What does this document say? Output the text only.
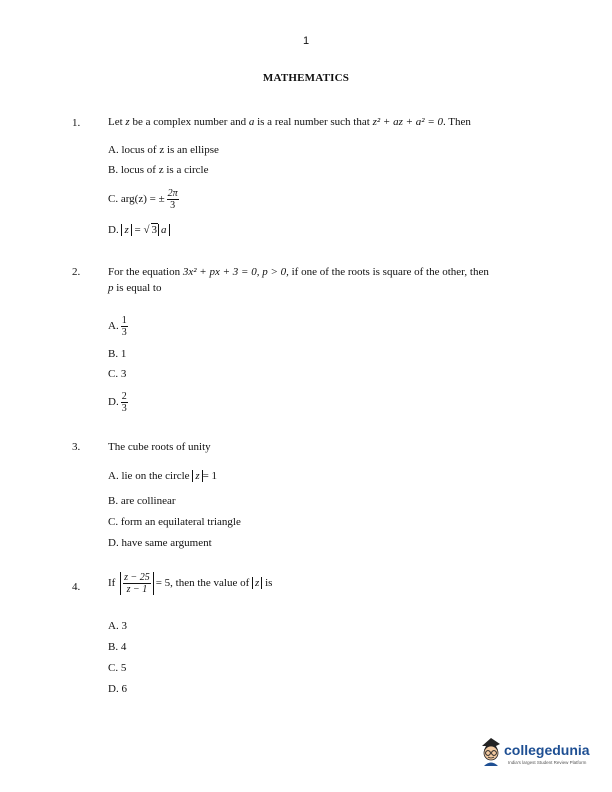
1
MATHEMATICS
1.	Let z be a complex number and a is a real number such that z² + az + a² = 0. Then
A. locus of z is an ellipse
B. locus of z is a circle
C. arg(z) = ± $\frac{2\pi}{3}$
D. z = √ 3 a
2.	For the equation 3x² + px + 3 = 0, p > 0, if one of the roots is square of the other, then
p is equal to
A. $\frac{1}{3}$
B. 1
C. 3
D. $\frac{2}{3}$
3.	The cube roots of unity
A. lie on the circle z = 1
B. are collinear
C. form an equilateral triangle
D. have same argument
4.	If $\frac{z - 25}{z - 1} = 5$, then the value of z is
A. 3
B. 4
C. 5
D. 6
collegedunia
India's largest Student Review Platform
